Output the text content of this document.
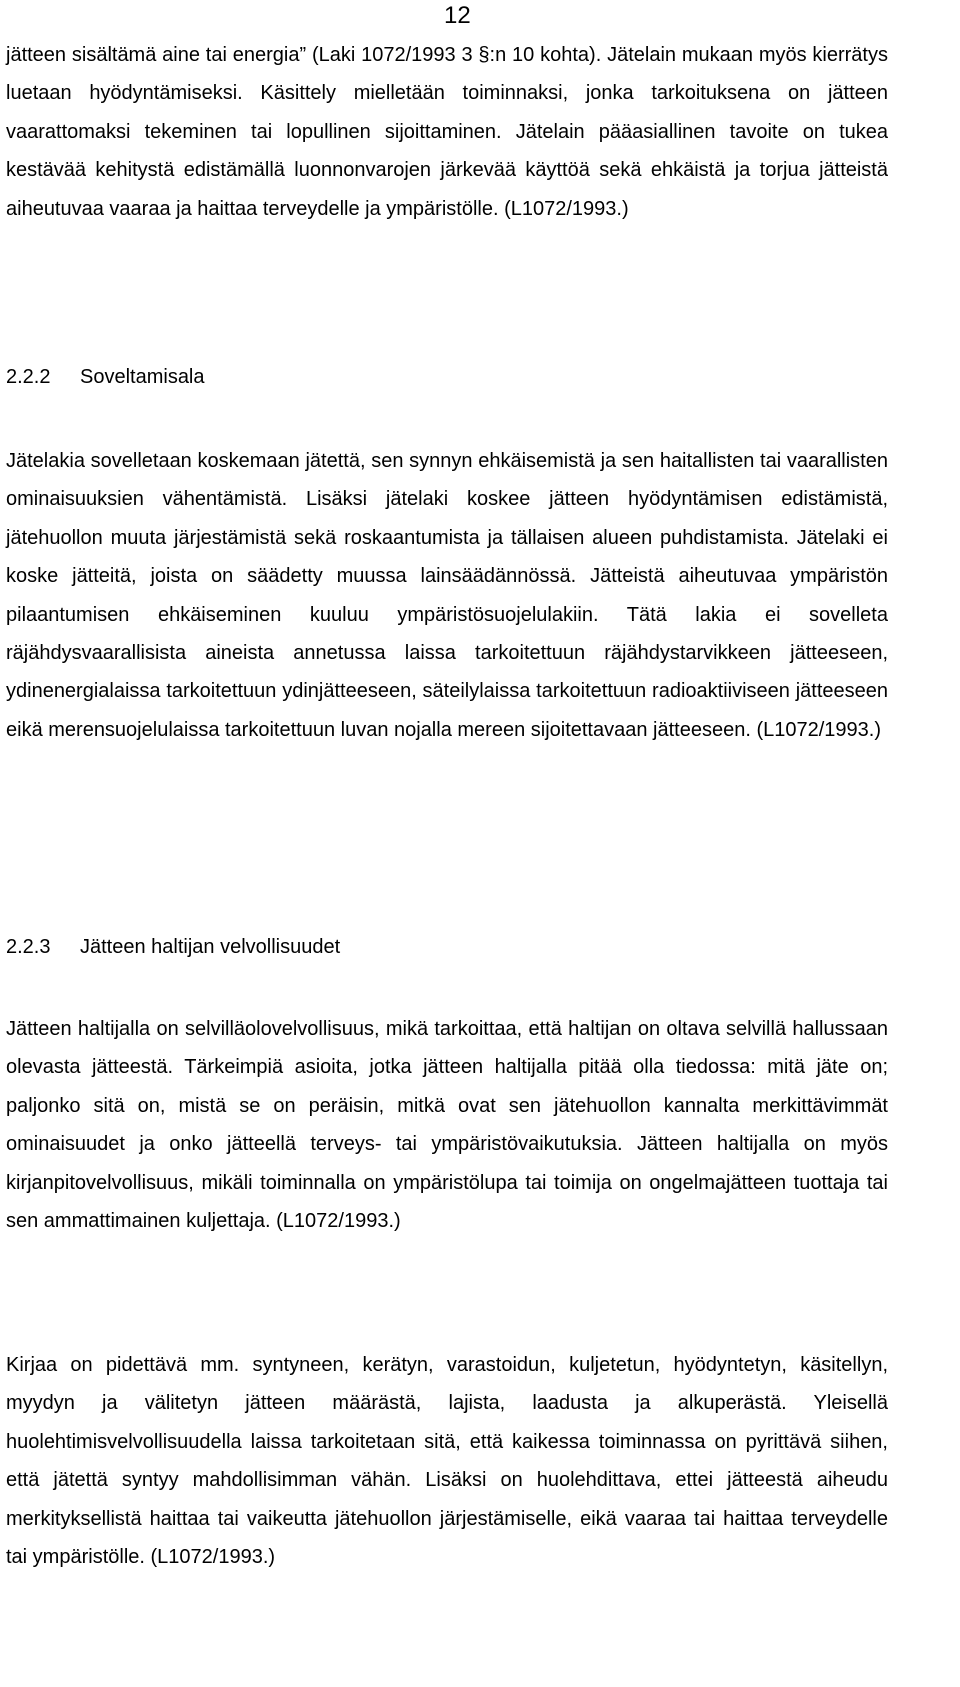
12

jätteen sisältämä aine tai energia” (Laki 1072/1993 3 §:n 10 kohta). Jätelain mukaan myös kierrätys luetaan hyödyntämiseksi. Käsittely mielletään toiminnaksi, jonka tarkoituksena on jätteen vaarattomaksi tekeminen tai lopullinen sijoittaminen. Jätelain pääasiallinen tavoite on tukea kestävää kehitystä edistämällä luonnonvarojen järkevää käyttöä sekä ehkäistä ja torjua jätteistä aiheutuvaa vaaraa ja haittaa terveydelle ja ympäristölle. (L1072/1993.)

2.2.2 Soveltamisala

Jätelakia sovelletaan koskemaan jätettä, sen synnyn ehkäisemistä ja sen haitallisten tai vaarallisten ominaisuuksien vähentämistä. Lisäksi jätelaki koskee jätteen hyödyntämisen edistämistä, jätehuollon muuta järjestämistä sekä roskaantumista ja tällaisen alueen puhdistamista. Jätelaki ei koske jätteitä, joista on säädetty muussa lainsäädännössä. Jätteistä aiheutuvaa ympäristön pilaantumisen ehkäiseminen kuuluu ympäristösuojelulakiin. Tätä lakia ei sovelleta räjähdysvaarallisista aineista annetussa laissa tarkoitettuun räjähdystarvikkeen jätteeseen, ydinenergialaissa tarkoitettuun ydinjätteeseen, säteilylaissa tarkoitettuun radioaktiiviseen jätteeseen eikä merensuojelulaissa tarkoitettuun luvan nojalla mereen sijoitettavaan jätteeseen. (L1072/1993.)

2.2.3 Jätteen haltijan velvollisuudet

Jätteen haltijalla on selvilläolovelvollisuus, mikä tarkoittaa, että haltijan on oltava selvillä hallussaan olevasta jätteestä. Tärkeimpiä asioita, jotka jätteen haltijalla pitää olla tiedossa: mitä jäte on; paljonko sitä on, mistä se on peräisin, mitkä ovat sen jätehuollon kannalta merkittävimmät ominaisuudet ja onko jätteellä terveys- tai ympäristövaikutuksia. Jätteen haltijalla on myös kirjanpitovelvollisuus, mikäli toiminnalla on ympäristölupa tai toimija on ongelmajätteen tuottaja tai sen ammattimainen kuljettaja. (L1072/1993.)

Kirjaa on pidettävä mm. syntyneen, kerätyn, varastoidun, kuljetetun, hyödyntetyn, käsitellyn, myydyn ja välitetyn jätteen määrästä, lajista, laadusta ja alkuperästä. Yleisellä huolehtimisvelvollisuudella laissa tarkoitetaan sitä, että kaikessa toiminnassa on pyrittävä siihen, että jätettä syntyy mahdollisimman vähän. Lisäksi on huolehdittava, ettei jätteestä aiheudu merkityksellistä haittaa tai vaikeutta jätehuollon järjestämiselle, eikä vaaraa tai haittaa terveydelle tai ympäristölle. (L1072/1993.)
